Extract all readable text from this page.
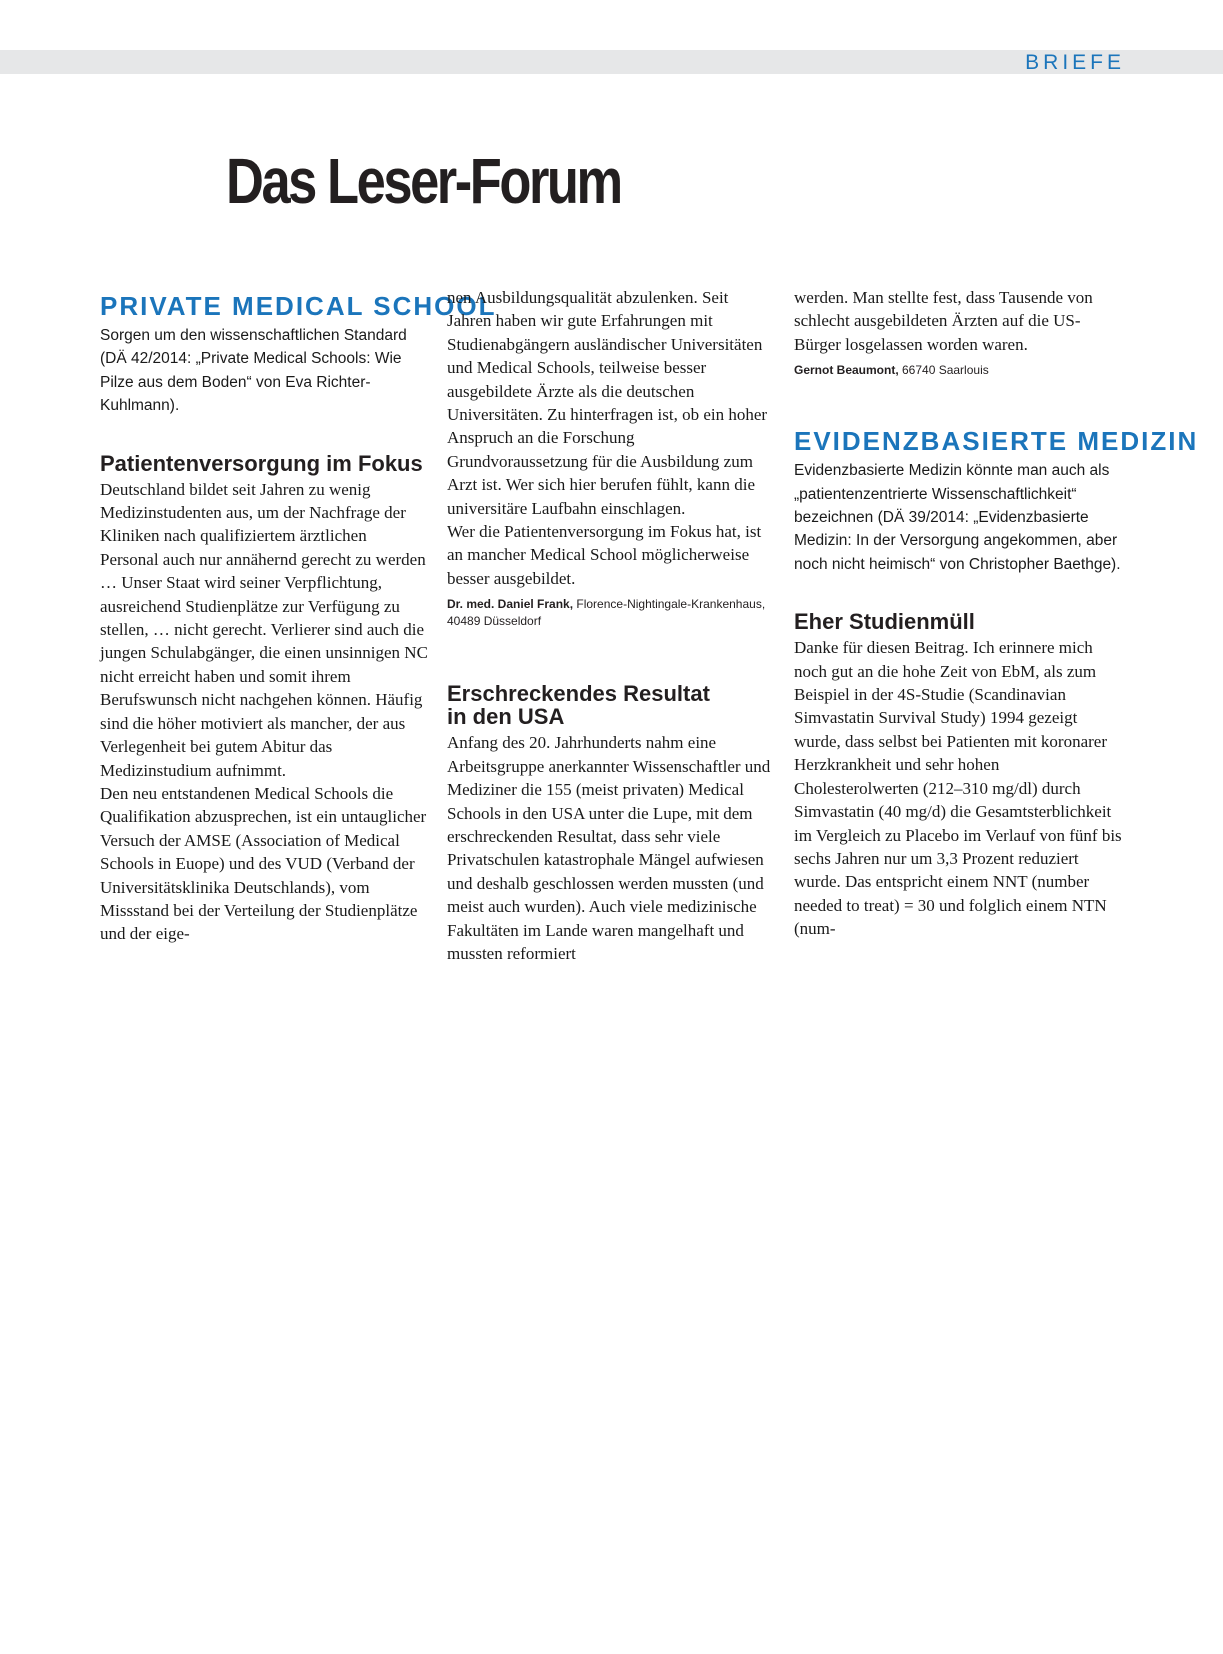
BRIEFE
Das Leser-Forum
PRIVATE MEDICAL SCHOOL

Sorgen um den wissenschaftlichen Standard (DÄ 42/2014: „Private Medical Schools: Wie Pilze aus dem Boden“ von Eva Richter-Kuhlmann).

Patientenversorgung im Fokus

Deutschland bildet seit Jahren zu wenig Medizinstudenten aus, um der Nachfrage der Kliniken nach qualifiziertem ärztlichen Personal auch nur annähernd gerecht zu werden … Unser Staat wird seiner Verpflichtung, ausreichend Studienplätze zur Verfügung zu stellen, … nicht gerecht. Verlierer sind auch die jungen Schulabgänger, die einen unsinnigen NC nicht erreicht haben und somit ihrem Berufswunsch nicht nachgehen können. Häufig sind die höher motiviert als mancher, der aus Verlegenheit bei gutem Abitur das Medizinstudium aufnimmt.

Den neu entstandenen Medical Schools die Qualifikation abzusprechen, ist ein untauglicher Versuch der AMSE (Association of Medical Schools in Euope) und des VUD (Verband der Universitätsklinika Deutschlands), vom Missstand bei der Verteilung der Studienplätze und der eige-

nen Ausbildungsqualität abzulenken. Seit Jahren haben wir gute Erfahrungen mit Studienabgängern ausländischer Universitäten und Medical Schools, teilweise besser ausgebildete Ärzte als die deutschen Universitäten. Zu hinterfragen ist, ob ein hoher Anspruch an die Forschung Grundvoraussetzung für die Ausbildung zum Arzt ist. Wer sich hier berufen fühlt, kann die universitäre Laufbahn einschlagen.

Wer die Patientenversorgung im Fokus hat, ist an mancher Medical School möglicherweise besser ausgebildet.

Dr. med. Daniel Frank, Florence-Nightingale-Krankenhaus, 40489 Düsseldorf

Erschreckendes Resultat
in den USA

Anfang des 20. Jahrhunderts nahm eine Arbeitsgruppe anerkannter Wissenschaftler und Mediziner die 155 (meist privaten) Medical Schools in den USA unter die Lupe, mit dem erschreckenden Resultat, dass sehr viele Privatschulen katastrophale Mängel aufwiesen und deshalb geschlossen werden mussten (und meist auch wurden). Auch viele medizinische Fakultäten im Lande waren mangelhaft und mussten reformiert

werden. Man stellte fest, dass Tausende von schlecht ausgebildeten Ärzten auf die US-Bürger losgelassen worden waren.

Gernot Beaumont, 66740 Saarlouis

EVIDENZBASIERTE MEDIZIN

Evidenzbasierte Medizin könnte man auch als „patientenzentrierte Wissenschaftlichkeit“ bezeichnen (DÄ 39/2014: „Evidenzbasierte Medizin: In der Versorgung angekommen, aber noch nicht heimisch“ von Christopher Baethge).

Eher Studienmüll

Danke für diesen Beitrag. Ich erinnere mich noch gut an die hohe Zeit von EbM, als zum Beispiel in der 4S-Studie (Scandinavian Simvastatin Survival Study) 1994 gezeigt wurde, dass selbst bei Patienten mit koronarer Herzkrankheit und sehr hohen Cholesterolwerten (212–310 mg/dl) durch Simvastatin (40 mg/d) die Gesamtsterblichkeit im Vergleich zu Placebo im Verlauf von fünf bis sechs Jahren nur um 3,3 Prozent reduziert wurde. Das entspricht einem NNT (number needed to treat) = 30 und folglich einem NTN (num-
